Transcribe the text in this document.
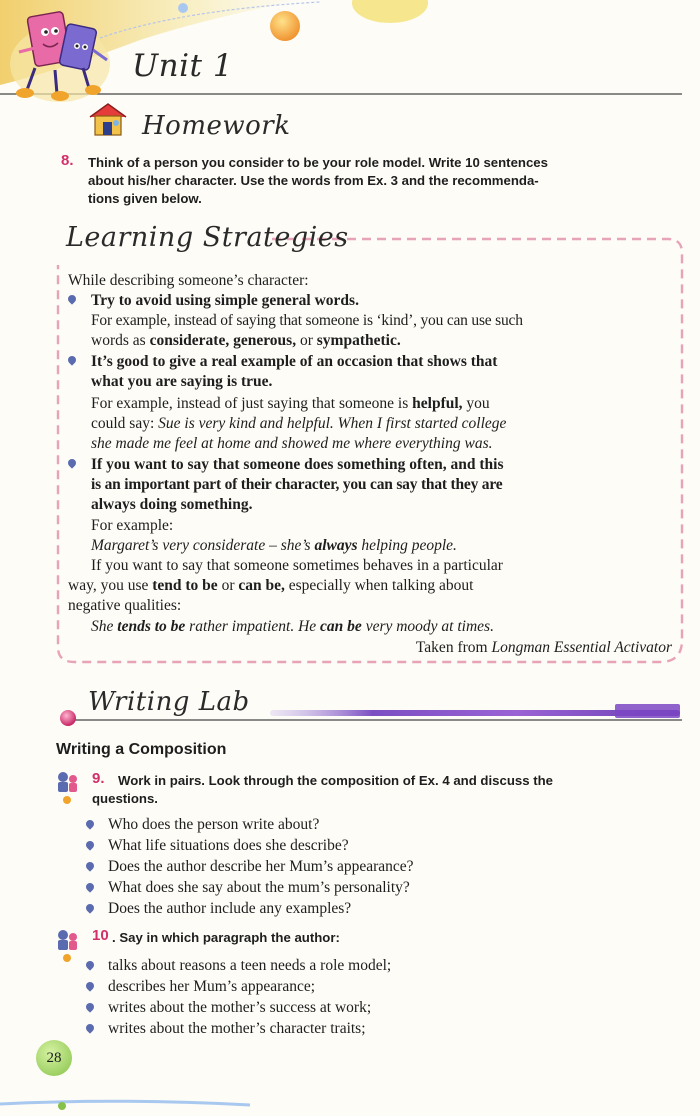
Unit 1
Homework
8. Think of a person you consider to be your role model. Write 10 sentences
about his/her character. Use the words from Ex. 3 and the recommenda-
tions given below.
Learning Strategies
While describing someone’s character:
Try to avoid using simple general words.
For example, instead of saying that someone is ‘kind’, you can use such
words as considerate, generous, or sympathetic.
It’s good to give a real example of an occasion that shows that
what you are saying is true.
For example, instead of just saying that someone is helpful, you
could say: Sue is very kind and helpful. When I first started college
she made me feel at home and showed me where everything was.
If you want to say that someone does something often, and this
is an important part of their character, you can say that they are
always doing something.
For example:
Margaret’s very considerate – she’s always helping people.
If you want to say that someone sometimes behaves in a particular
way, you use tend to be or can be, especially when talking about
negative qualities:
She tends to be rather impatient. He can be very moody at times.
Taken from Longman Essential Activator
Writing Lab
Writing a Composition
9. Work in pairs. Look through the composition of Ex. 4 and discuss the
questions.
Who does the person write about?
What life situations does she describe?
Does the author describe her Mum’s appearance?
What does she say about the mum’s personality?
Does the author include any examples?
10 . Say in which paragraph the author:
talks about reasons a teen needs a role model;
describes her Mum’s appearance;
writes about the mother’s success at work;
writes about the mother’s character traits;
28
